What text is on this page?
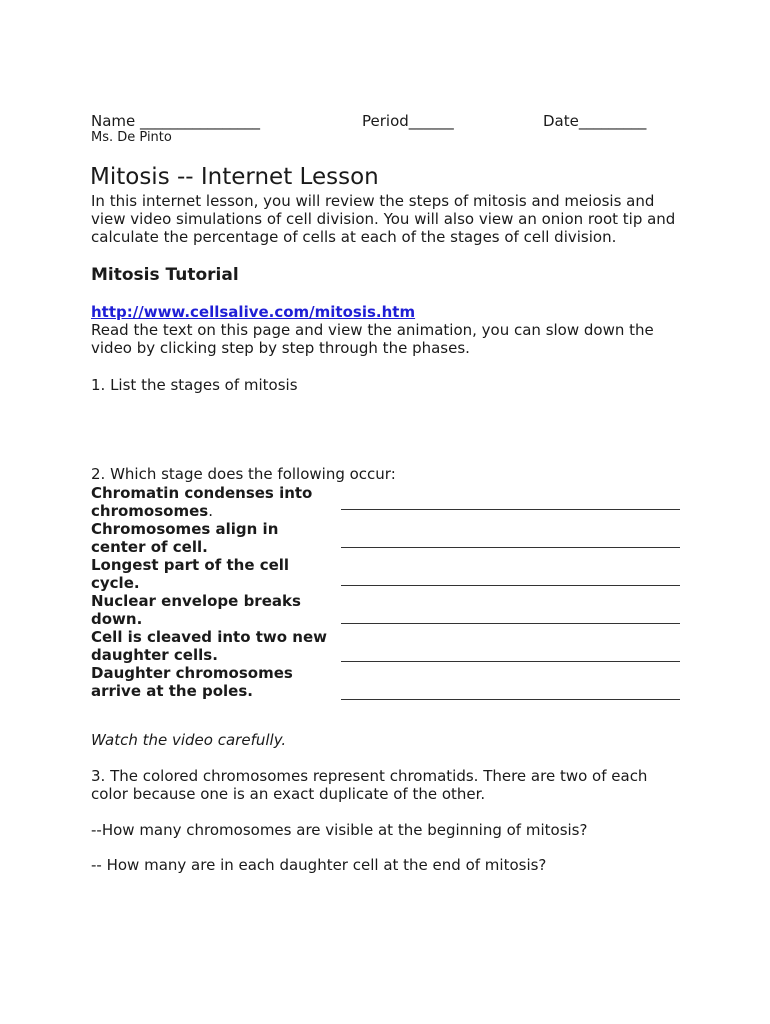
Name ________________	Period______	Date_________
Ms. De Pinto
Mitosis -- Internet Lesson
In this internet lesson, you will review the steps of mitosis and meiosis and
view video simulations of cell division. You will also view an onion root tip and
calculate the percentage of cells at each of the stages of cell division.
Mitosis Tutorial
http://www.cellsalive.com/mitosis.htm
Read the text on this page and view the animation, you can slow down the
video by clicking step by step through the phases.
1. List the stages of mitosis
2. Which stage does the following occur:
Chromatin condenses into
chromosomes.
Chromosomes align in
center of cell.
Longest part of the cell
cycle.
Nuclear envelope breaks
down.
Cell is cleaved into two new
daughter cells.
Daughter chromosomes
arrive at the poles.
Watch the video carefully.
3. The colored chromosomes represent chromatids. There are two of each
color because one is an exact duplicate of the other.
--How many chromosomes are visible at the beginning of mitosis?
-- How many are in each daughter cell at the end of mitosis?
